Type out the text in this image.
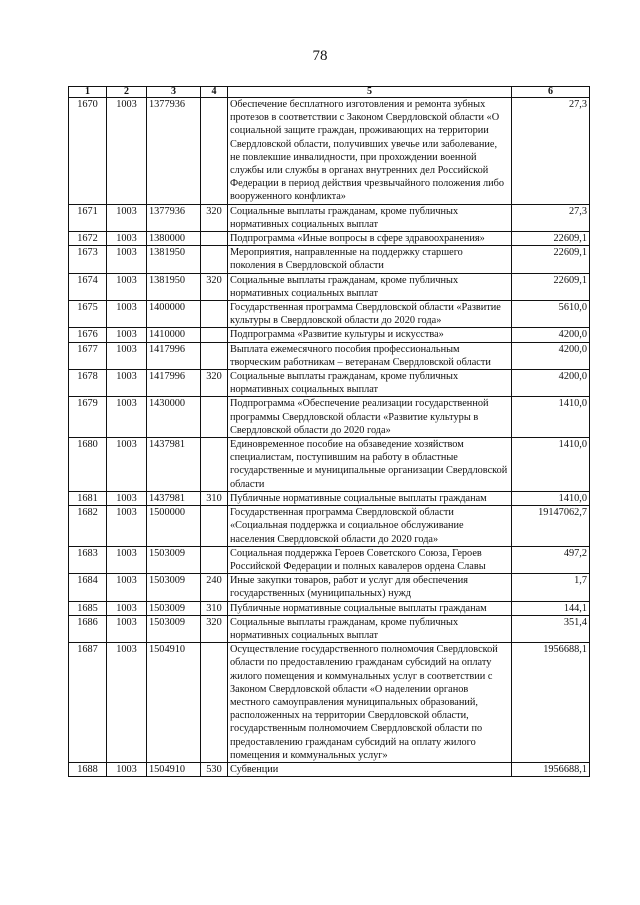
78
1	2	3	4	5	6
1670	1003	1377936		Обеспечение бесплатного изготовления и ремонта зубных протезов в соответствии с Законом Свердловской области «О социальной защите граждан, проживающих на территории Свердловской области, получивших увечье или заболевание, не повлекшие инвалидности, при прохождении военной службы или службы в органах внутренних дел Российской Федерации в период действия чрезвычайного положения либо вооруженного конфликта»	27,3
1671	1003	1377936	320	Социальные выплаты гражданам, кроме публичных нормативных социальных выплат	27,3
1672	1003	1380000		Подпрограмма «Иные вопросы в сфере здравоохранения»	22609,1
1673	1003	1381950		Мероприятия, направленные на поддержку старшего поколения в Свердловской области	22609,1
1674	1003	1381950	320	Социальные выплаты гражданам, кроме публичных нормативных социальных выплат	22609,1
1675	1003	1400000		Государственная программа Свердловской области «Развитие культуры в Свердловской области до 2020 года»	5610,0
1676	1003	1410000		Подпрограмма «Развитие культуры и искусства»	4200,0
1677	1003	1417996		Выплата ежемесячного пособия профессиональным творческим работникам – ветеранам Свердловской области	4200,0
1678	1003	1417996	320	Социальные выплаты гражданам, кроме публичных нормативных социальных выплат	4200,0
1679	1003	1430000		Подпрограмма «Обеспечение реализации государственной программы Свердловской области «Развитие культуры в Свердловской области до 2020 года»	1410,0
1680	1003	1437981		Единовременное пособие на обзаведение хозяйством специалистам, поступившим на работу в областные государственные и муниципальные организации Свердловской области	1410,0
1681	1003	1437981	310	Публичные нормативные социальные выплаты гражданам	1410,0
1682	1003	1500000		Государственная программа Свердловской области «Социальная поддержка и социальное обслуживание населения Свердловской области до 2020 года»	19147062,7
1683	1003	1503009		Социальная поддержка Героев Советского Союза, Героев Российской Федерации и полных кавалеров ордена Славы	497,2
1684	1003	1503009	240	Иные закупки товаров, работ и услуг для обеспечения государственных (муниципальных) нужд	1,7
1685	1003	1503009	310	Публичные нормативные социальные выплаты гражданам	144,1
1686	1003	1503009	320	Социальные выплаты гражданам, кроме публичных нормативных социальных выплат	351,4
1687	1003	1504910		Осуществление государственного полномочия Свердловской области по предоставлению гражданам субсидий на оплату жилого помещения и коммунальных услуг в соответствии с Законом Свердловской области «О наделении органов местного самоуправления муниципальных образований, расположенных на территории Свердловской области, государственным полномочием Свердловской области по предоставлению гражданам субсидий на оплату жилого помещения и коммунальных услуг»	1956688,1
1688	1003	1504910	530	Субвенции	1956688,1
